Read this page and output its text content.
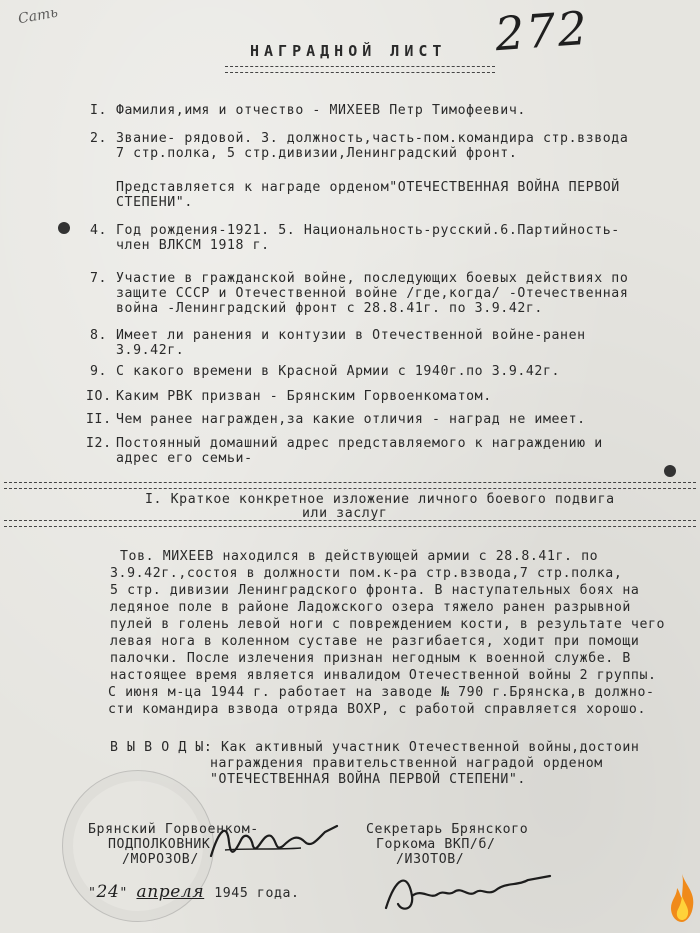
Сать	272
НАГРАДНОЙ ЛИСТ
I. Фамилия,имя и отчество - МИХЕЕВ Петр Тимофеевич.
2. Звание- рядовой. 3. должность,часть-пом.командира стр.взвода
7 стр.полка, 5 стр.дивизии,Ленинградский фронт.
Представляется к награде орденом"ОТЕЧЕСТВЕННАЯ ВОЙНА ПЕРВОЙ
СТЕПЕНИ".
4. Год рождения-1921. 5. Национальность-русский.6.Партийность-
член ВЛКСМ 1918 г.
7. Участие в гражданской войне, последующих боевых действиях по
защите СССР и Отечественной войне /где,когда/ -Отечественная
война -Ленинградский фронт с 28.8.41г. по 3.9.42г.
8. Имеет ли ранения и контузии в Отечественной войне-ранен
3.9.42г.
9. С какого времени в Красной Армии с 1940г.по 3.9.42г.
IO. Каким РВК призван - Брянским Горвоенкоматом.
II. Чем ранее награжден,за какие отличия - наград не имеет.
I2. Постоянный домашний адрес представляемого к награждению и
адрес его семьи-
I. Краткое конкретное изложение личного боевого подвига
или заслуг
Тов. МИХЕЕВ находился в действующей армии с 28.8.41г. по
3.9.42г.,состоя в должности пом.к-ра стр.взвода,7 стр.полка,
5 стр. дивизии Ленинградского фронта. В наступательных боях на
ледяное поле в районе Ладожского озера тяжело ранен разрывной
пулей в голень левой ноги с повреждением кости, в результате чего
левая нога в коленном суставе не разгибается, ходит при помощи
палочки. После излечения признан негодным к военной службе. В
настоящее время является инвалидом Отечественной войны 2 группы.
С июня м-ца 1944 г. работает на заводе № 790 г.Брянска,в должно-
сти командира взвода отряда ВОХР, с работой справляется хорошо.
В Ы В О Д Ы: Как активный участник Отечественной войны,достоин
награждения правительственной наградой орденом
"ОТЕЧЕСТВЕННАЯ ВОЙНА ПЕРВОЙ СТЕПЕНИ".
Брянский Горвоенком-
ПОДПОЛКОВНИК
/МОРОЗОВ/
Секретарь Брянского
Горкома ВКП/б/
/ИЗОТОВ/
"24" апреля 1945 года.
